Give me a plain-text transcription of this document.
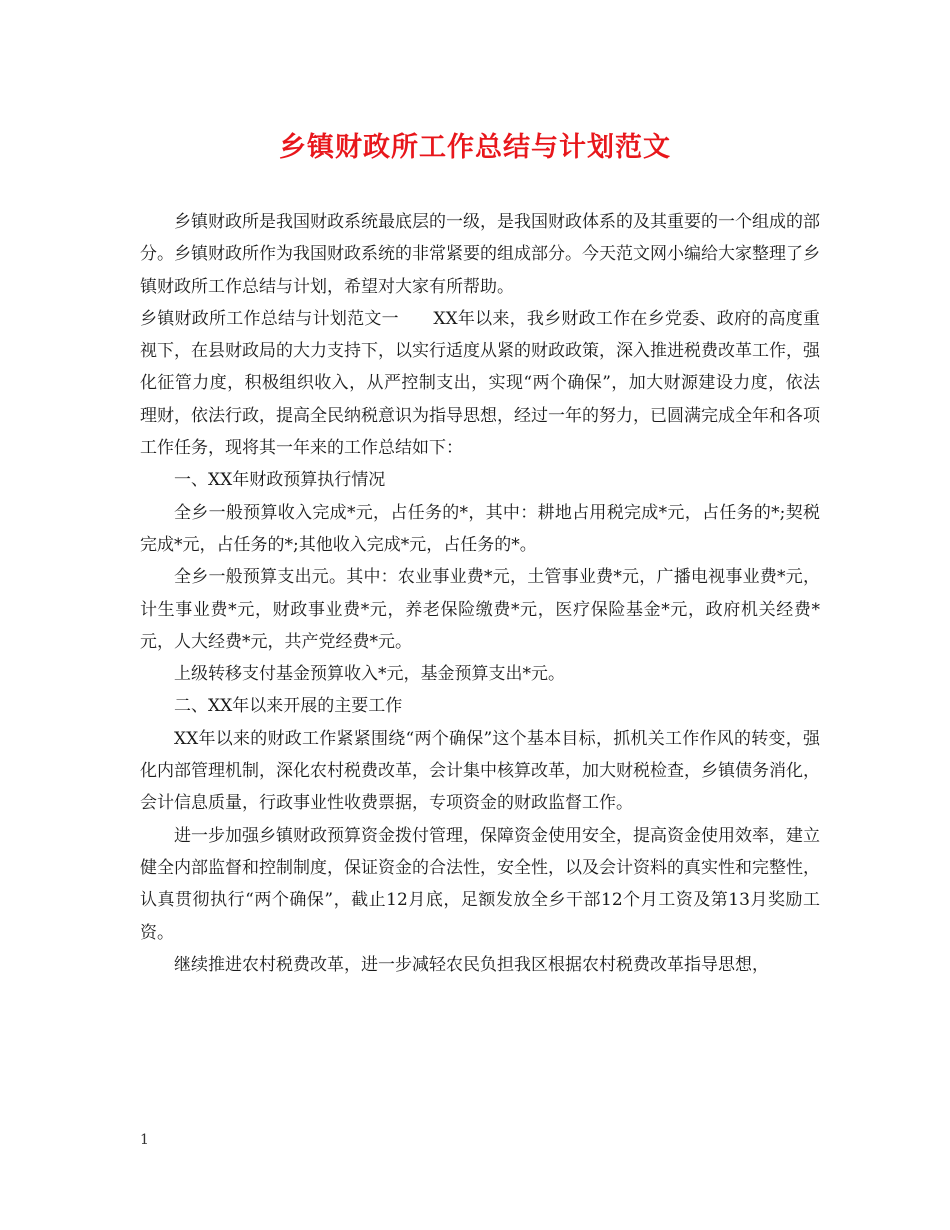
乡镇财政所工作总结与计划范文

乡镇财政所是我国财政系统最底层的一级，是我国财政体系的及其重要的一个组成的部分。乡镇财政所作为我国财政系统的非常紧要的组成部分。今天范文网小编给大家整理了乡镇财政所工作总结与计划，希望对大家有所帮助。

乡镇财政所工作总结与计划范文一　　XX年以来，我乡财政工作在乡党委、政府的高度重视下，在县财政局的大力支持下，以实行适度从紧的财政政策，深入推进税费改革工作，强化征管力度，积极组织收入，从严控制支出，实现“两个确保”，加大财源建设力度，依法理财，依法行政，提高全民纳税意识为指导思想，经过一年的努力，已圆满完成全年和各项工作任务，现将其一年来的工作总结如下：

一、XX年财政预算执行情况

全乡一般预算收入完成*元，占任务的*，其中：耕地占用税完成*元，占任务的*;契税完成*元，占任务的*;其他收入完成*元，占任务的*。

全乡一般预算支出元。其中：农业事业费*元，土管事业费*元，广播电视事业费*元，计生事业费*元，财政事业费*元，养老保险缴费*元，医疗保险基金*元，政府机关经费*元，人大经费*元，共产党经费*元。

上级转移支付基金预算收入*元，基金预算支出*元。

二、XX年以来开展的主要工作

XX年以来的财政工作紧紧围绕“两个确保”这个基本目标，抓机关工作作风的转变，强化内部管理机制，深化农村税费改革，会计集中核算改革，加大财税检查，乡镇债务消化，会计信息质量，行政事业性收费票据，专项资金的财政监督工作。

进一步加强乡镇财政预算资金拨付管理，保障资金使用安全，提高资金使用效率，建立健全内部监督和控制制度，保证资金的合法性，安全性，以及会计资料的真实性和完整性，认真贯彻执行“两个确保”，截止12月底，足额发放全乡干部12个月工资及第13月奖励工资。

继续推进农村税费改革，进一步减轻农民负担我区根据农村税费改革指导思想，

1
